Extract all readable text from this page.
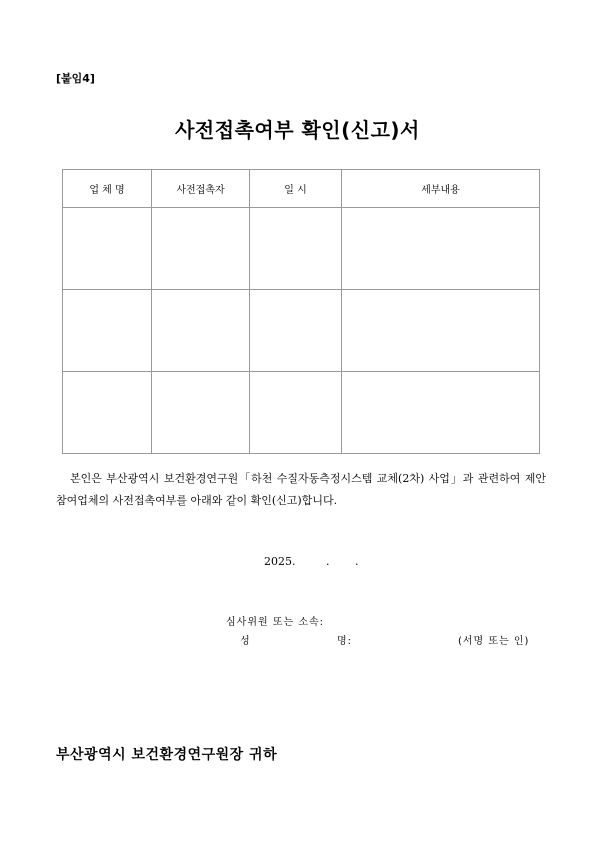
[붙임4]
사전접촉여부 확인(신고)서
업 체 명	사전접촉자	일 시	세부내용

본인은 부산광역시 보건환경연구원「하천 수질자동측정시스템 교체(2차) 사업」과 관련하여 제안 참여업체의 사전접촉여부를 아래와 같이 확인(신고)합니다.
2025.	. .
심사위원 또는 소속:
성	명:	(서명 또는 인)
부산광역시 보건환경연구원장 귀하
